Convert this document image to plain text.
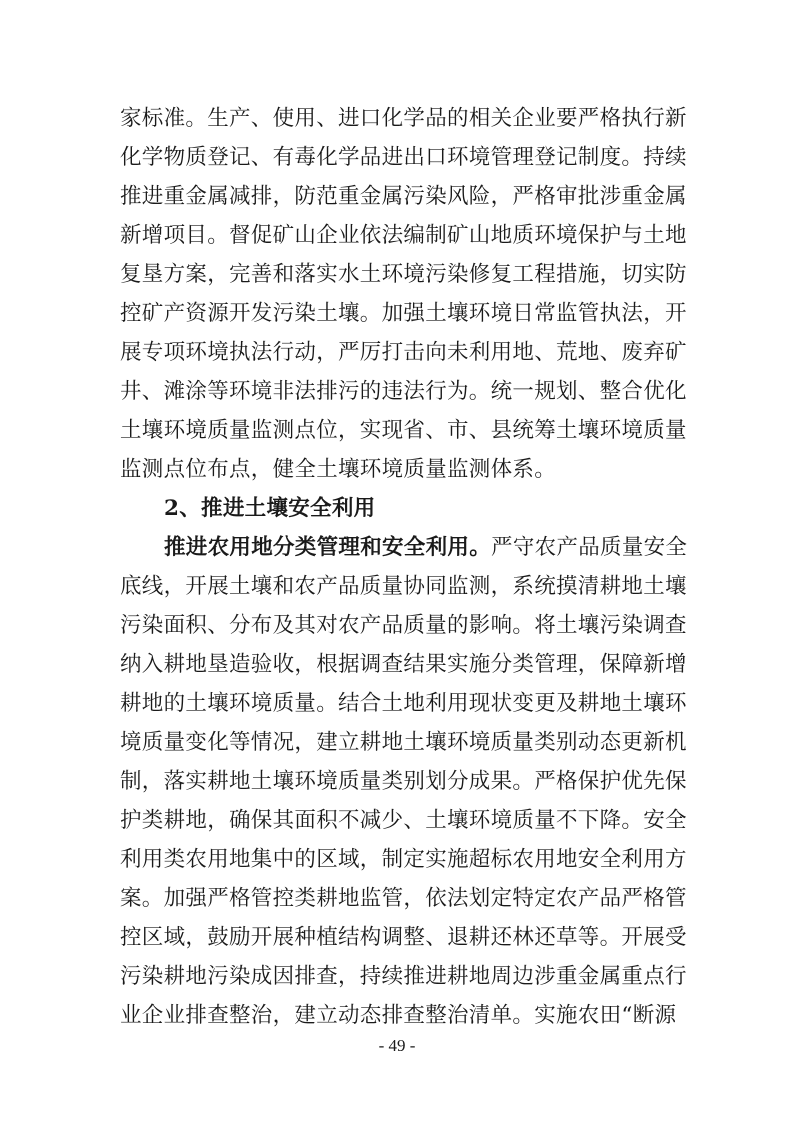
家标准。生产、使用、进口化学品的相关企业要严格执行新
化学物质登记、有毒化学品进出口环境管理登记制度。持续
推进重金属减排，防范重金属污染风险，严格审批涉重金属
新增项目。督促矿山企业依法编制矿山地质环境保护与土地
复垦方案，完善和落实水土环境污染修复工程措施，切实防
控矿产资源开发污染土壤。加强土壤环境日常监管执法，开
展专项环境执法行动，严厉打击向未利用地、荒地、废弃矿
井、滩涂等环境非法排污的违法行为。统一规划、整合优化
土壤环境质量监测点位，实现省、市、县统筹土壤环境质量
监测点位布点，健全土壤环境质量监测体系。
2、推进土壤安全利用
推进农用地分类管理和安全利用。严守农产品质量安全
底线，开展土壤和农产品质量协同监测，系统摸清耕地土壤
污染面积、分布及其对农产品质量的影响。将土壤污染调查
纳入耕地垦造验收，根据调查结果实施分类管理，保障新增
耕地的土壤环境质量。结合土地利用现状变更及耕地土壤环
境质量变化等情况，建立耕地土壤环境质量类别动态更新机
制，落实耕地土壤环境质量类别划分成果。严格保护优先保
护类耕地，确保其面积不减少、土壤环境质量不下降。安全
利用类农用地集中的区域，制定实施超标农用地安全利用方
案。加强严格管控类耕地监管，依法划定特定农产品严格管
控区域，鼓励开展种植结构调整、退耕还林还草等。开展受
污染耕地污染成因排查，持续推进耕地周边涉重金属重点行
业企业排查整治，建立动态排查整治清单。实施农田“断源
- 49 -
